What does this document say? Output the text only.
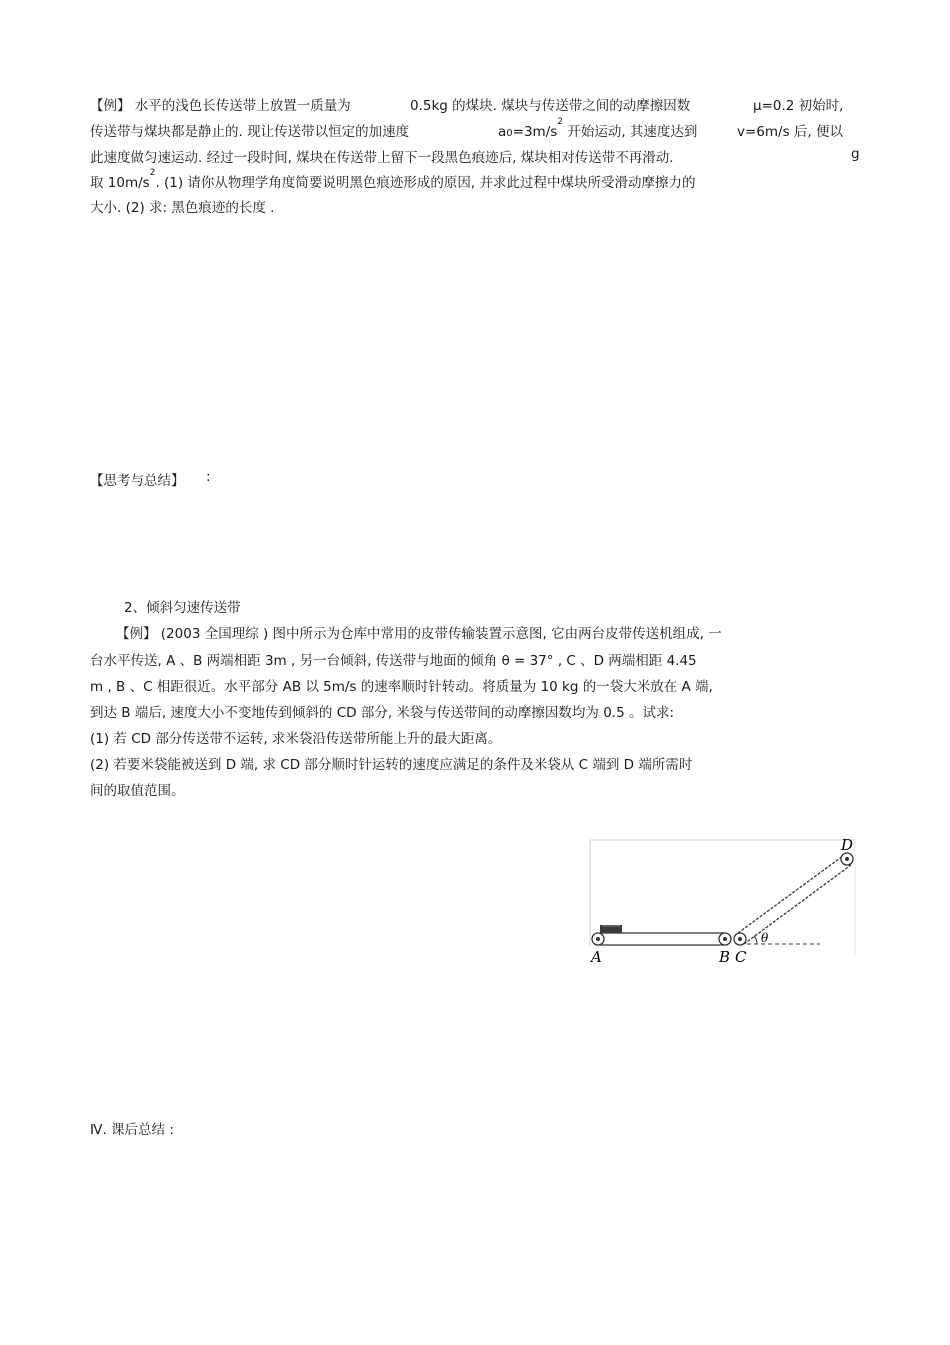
【例】 水平的浅色长传送带上放置一质量为	0.5kg 的煤块. 煤块与传送带之间的动摩擦因数	μ=0.2 初始时,
传送带与煤块都是静止的. 现让传送带以恒定的加速度	$a0=3m/s^2$ 开始运动, 其速度达到	v=6m/s 后, 便以
此速度做匀速运动. 经过一段时间, 煤块在传送带上留下一段黑色痕迹后, 煤块相对传送带不再滑动.	g
取 $10m/s^2$. (1) 请你从物理学角度简要说明黑色痕迹形成的原因, 并求此过程中煤块所受滑动摩擦力的
大小. (2) 求: 黑色痕迹的长度 .
【思考与总结】 :
2、倾斜匀速传送带
【例】 (2003 全国理综 ) 图中所示为仓库中常用的皮带传输装置示意图, 它由两台皮带传送机组成, 一
台水平传送, A 、B 两端相距 3m , 另一台倾斜, 传送带与地面的倾角 θ = 37° , C 、D 两端相距 4.45
m , B 、C 相距很近。水平部分 AB 以 5m/s 的速率顺时针转动。将质量为 10 kg 的一袋大米放在 A 端,
到达 B 端后, 速度大小不变地传到倾斜的 CD 部分, 米袋与传送带间的动摩擦因数均为 0.5 。试求:
(1) 若 CD 部分传送带不运转, 求米袋沿传送带所能上升的最大距离。
(2) 若要米袋能被送到 D 端, 求 CD 部分顺时针运转的速度应满足的条件及米袋从 C 端到 D 端所需时
间的取值范围。
A	B C
D
θ
Ⅳ. 课后总结 :
